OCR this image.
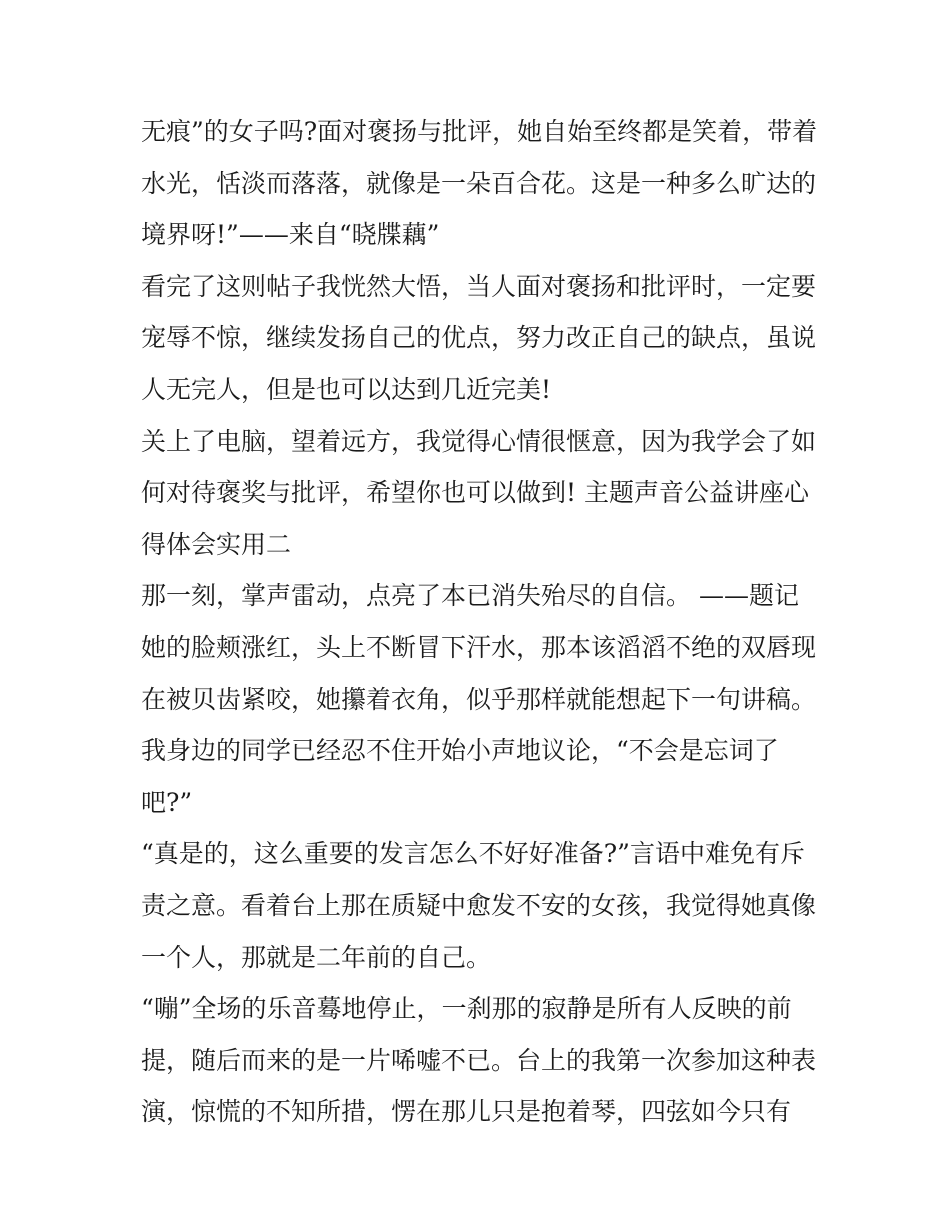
无痕”的女子吗?面对褒扬与批评，她自始至终都是笑着，带着
水光，恬淡而落落，就像是一朵百合花。这是一种多么旷达的
境界呀!”——来自“晓牒藕”
看完了这则帖子我恍然大悟，当人面对褒扬和批评时，一定要
宠辱不惊，继续发扬自己的优点，努力改正自己的缺点，虽说
人无完人，但是也可以达到几近完美!
关上了电脑，望着远方，我觉得心情很惬意，因为我学会了如
何对待褒奖与批评，希望你也可以做到! 主题声音公益讲座心
得体会实用二
那一刻，掌声雷动，点亮了本已消失殆尽的自信。 ——题记
她的脸颊涨红，头上不断冒下汗水，那本该滔滔不绝的双唇现
在被贝齿紧咬，她攥着衣角，似乎那样就能想起下一句讲稿。
我身边的同学已经忍不住开始小声地议论，“不会是忘词了
吧?”
“真是的，这么重要的发言怎么不好好准备?”言语中难免有斥
责之意。看着台上那在质疑中愈发不安的女孩，我觉得她真像
一个人，那就是二年前的自己。
“嘣”全场的乐音蓦地停止，一刹那的寂静是所有人反映的前
提，随后而来的是一片唏嘘不已。台上的我第一次参加这种表
演，惊慌的不知所措，愣在那儿只是抱着琴，四弦如今只有
